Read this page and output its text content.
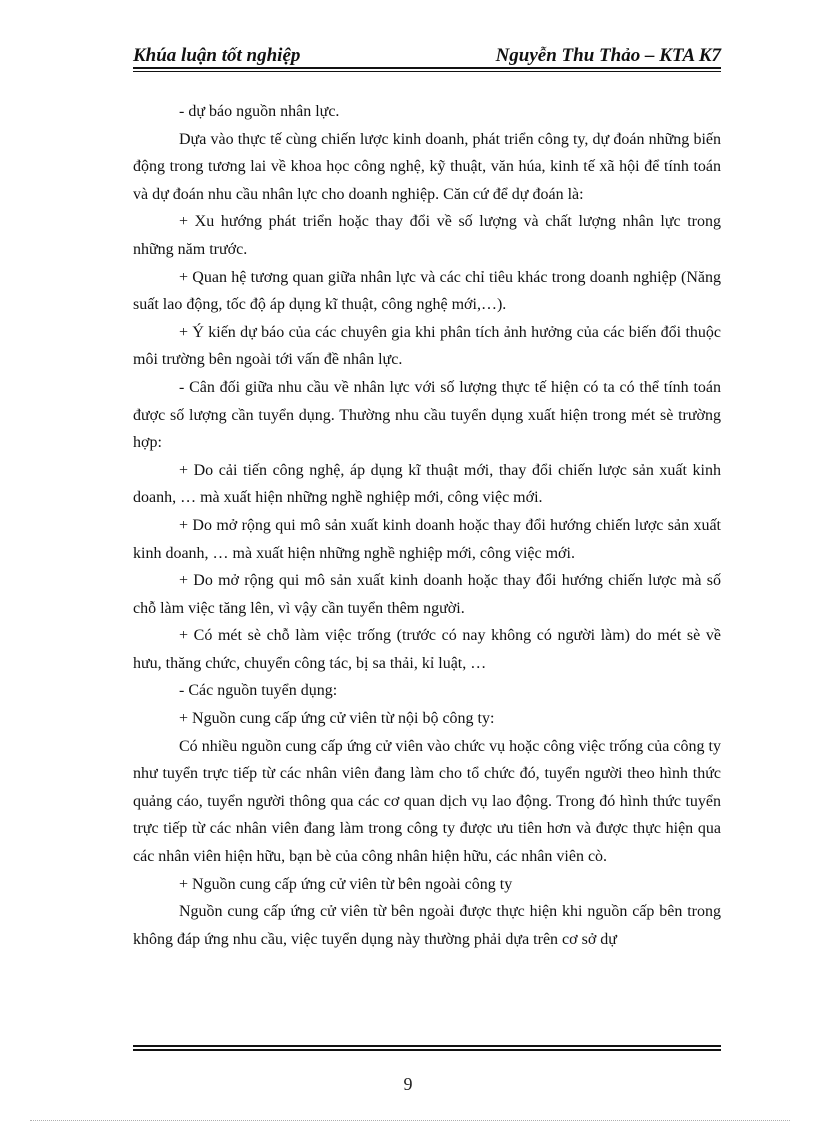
Khúa luận tốt nghiệp	Nguyễn Thu Thảo – KTA K7

- dự báo nguồn nhân lực.

Dựa vào thực tế cùng chiến lược kinh doanh, phát triển công ty, dự đoán những biến động trong tương lai về khoa học công nghệ, kỹ thuật, văn húa, kinh tế xã hội để tính toán và dự đoán nhu cầu nhân lực cho doanh nghiệp. Căn cứ để dự đoán là:

+ Xu hướng phát triển hoặc thay đổi về số lượng và chất lượng nhân lực trong những năm trước.

+ Quan hệ tương quan giữa nhân lực và các chỉ tiêu khác trong doanh nghiệp (Năng suất lao động, tốc độ áp dụng kĩ thuật, công nghệ mới,…).

+ Ý kiến dự báo của các chuyên gia khi phân tích ảnh hưởng của các biến đổi thuộc môi trường bên ngoài tới vấn đề nhân lực.

- Cân đối giữa nhu cầu về nhân lực với số lượng thực tế hiện có ta có thể tính toán được số lượng cần tuyển dụng. Thường nhu cầu tuyển dụng xuất hiện trong mét sè trường hợp:

+ Do cải tiến công nghệ, áp dụng kĩ thuật mới, thay đổi chiến lược sản xuất kinh doanh, … mà xuất hiện những nghề nghiệp mới, công việc mới.

+ Do mở rộng qui mô sản xuất kinh doanh hoặc thay đổi hướng chiến lược sản xuất kinh doanh, … mà xuất hiện những nghề nghiệp mới, công việc mới.

+ Do mở rộng qui mô sản xuất kinh doanh hoặc thay đổi hướng chiến lược mà số chỗ làm việc tăng lên, vì vậy cần tuyển thêm người.

+ Có mét sè chỗ làm việc trống (trước có nay không có người làm) do mét sè về hưu, thăng chức, chuyển công tác, bị sa thải, kỉ luật, …

- Các nguồn tuyển dụng:

+ Nguồn cung cấp ứng cử viên từ nội bộ công ty:

Có nhiều nguồn cung cấp ứng cử viên vào chức vụ hoặc công việc trống của công ty như tuyển trực tiếp từ các nhân viên đang làm cho tổ chức đó, tuyển người theo hình thức quảng cáo, tuyển người thông qua các cơ quan dịch vụ lao động. Trong đó hình thức tuyển trực tiếp từ các nhân viên đang làm trong công ty được ưu tiên hơn và được thực hiện qua các nhân viên hiện hữu, bạn bè của công nhân hiện hữu, các nhân viên cò.

+ Nguồn cung cấp ứng cử viên từ bên ngoài công ty

Nguồn cung cấp ứng cử viên từ bên ngoài được thực hiện khi nguồn cấp bên trong không đáp ứng nhu cầu, việc tuyển dụng này thường phải dựa trên cơ sở dự

9
